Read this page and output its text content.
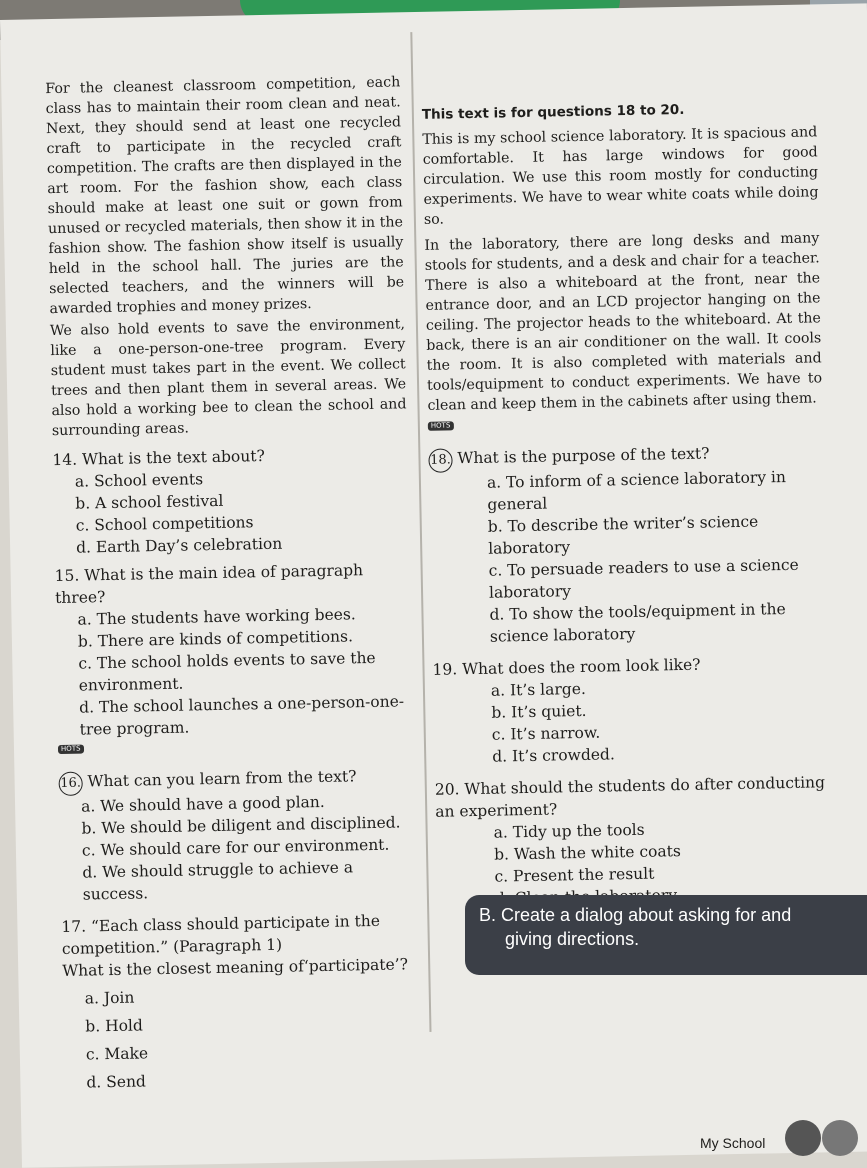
For the cleanest classroom competition, each class has to maintain their room clean and neat. Next, they should send at least one recycled craft to participate in the recycled craft competition. The crafts are then displayed in the art room. For the fashion show, each class should make at least one suit or gown from unused or recycled materials, then show it in the fashion show. The fashion show itself is usually held in the school hall. The juries are the selected teachers, and the winners will be awarded trophies and money prizes.

We also hold events to save the environment, like a one-person-one-tree program. Every student must takes part in the event. We collect trees and then plant them in several areas. We also hold a working bee to clean the school and surrounding areas.

14. What is the text about?

a. School events

b. A school festival

c. School competitions

d. Earth Day’s celebration

15. What is the main idea of paragraph three?

a. The students have working bees.

b. There are kinds of competitions.

c. The school holds events to save the environment.

d. The school launches a one-person-one-tree program.

HOTS

16. What can you learn from the text?

a. We should have a good plan.

b. We should be diligent and disciplined.

c. We should care for our environment.

d. We should struggle to achieve a success.

17. “Each class should participate in the competition.” (Paragraph 1)

What is the closest meaning of‘participate’?

a. Join

b. Hold

c. Make

d. Send

This text is for questions 18 to 20.

This is my school science laboratory. It is spacious and comfortable. It has large windows for good circulation. We use this room mostly for conducting experiments. We have to wear white coats while doing so.

In the laboratory, there are long desks and many stools for students, and a desk and chair for a teacher. There is also a whiteboard at the front, near the entrance door, and an LCD projector hanging on the ceiling. The projector heads to the whiteboard. At the back, there is an air conditioner on the wall. It cools the room. It is also completed with materials and tools/equipment to conduct experiments. We have to clean and keep them in the cabinets after using them.

HOTS

18. What is the purpose of the text?

a. To inform of a science laboratory in general

b. To describe the writer’s science laboratory

c. To persuade readers to use a science laboratory

d. To show the tools/equipment in the science laboratory

19. What does the room look like?

a. It’s large.

b. It’s quiet.

c. It’s narrow.

d. It’s crowded.

20. What should the students do after conducting an experiment?

a. Tidy up the tools

b. Wash the white coats

c. Present the result

B. Create a dialog about asking for and
giving directions.
My School
